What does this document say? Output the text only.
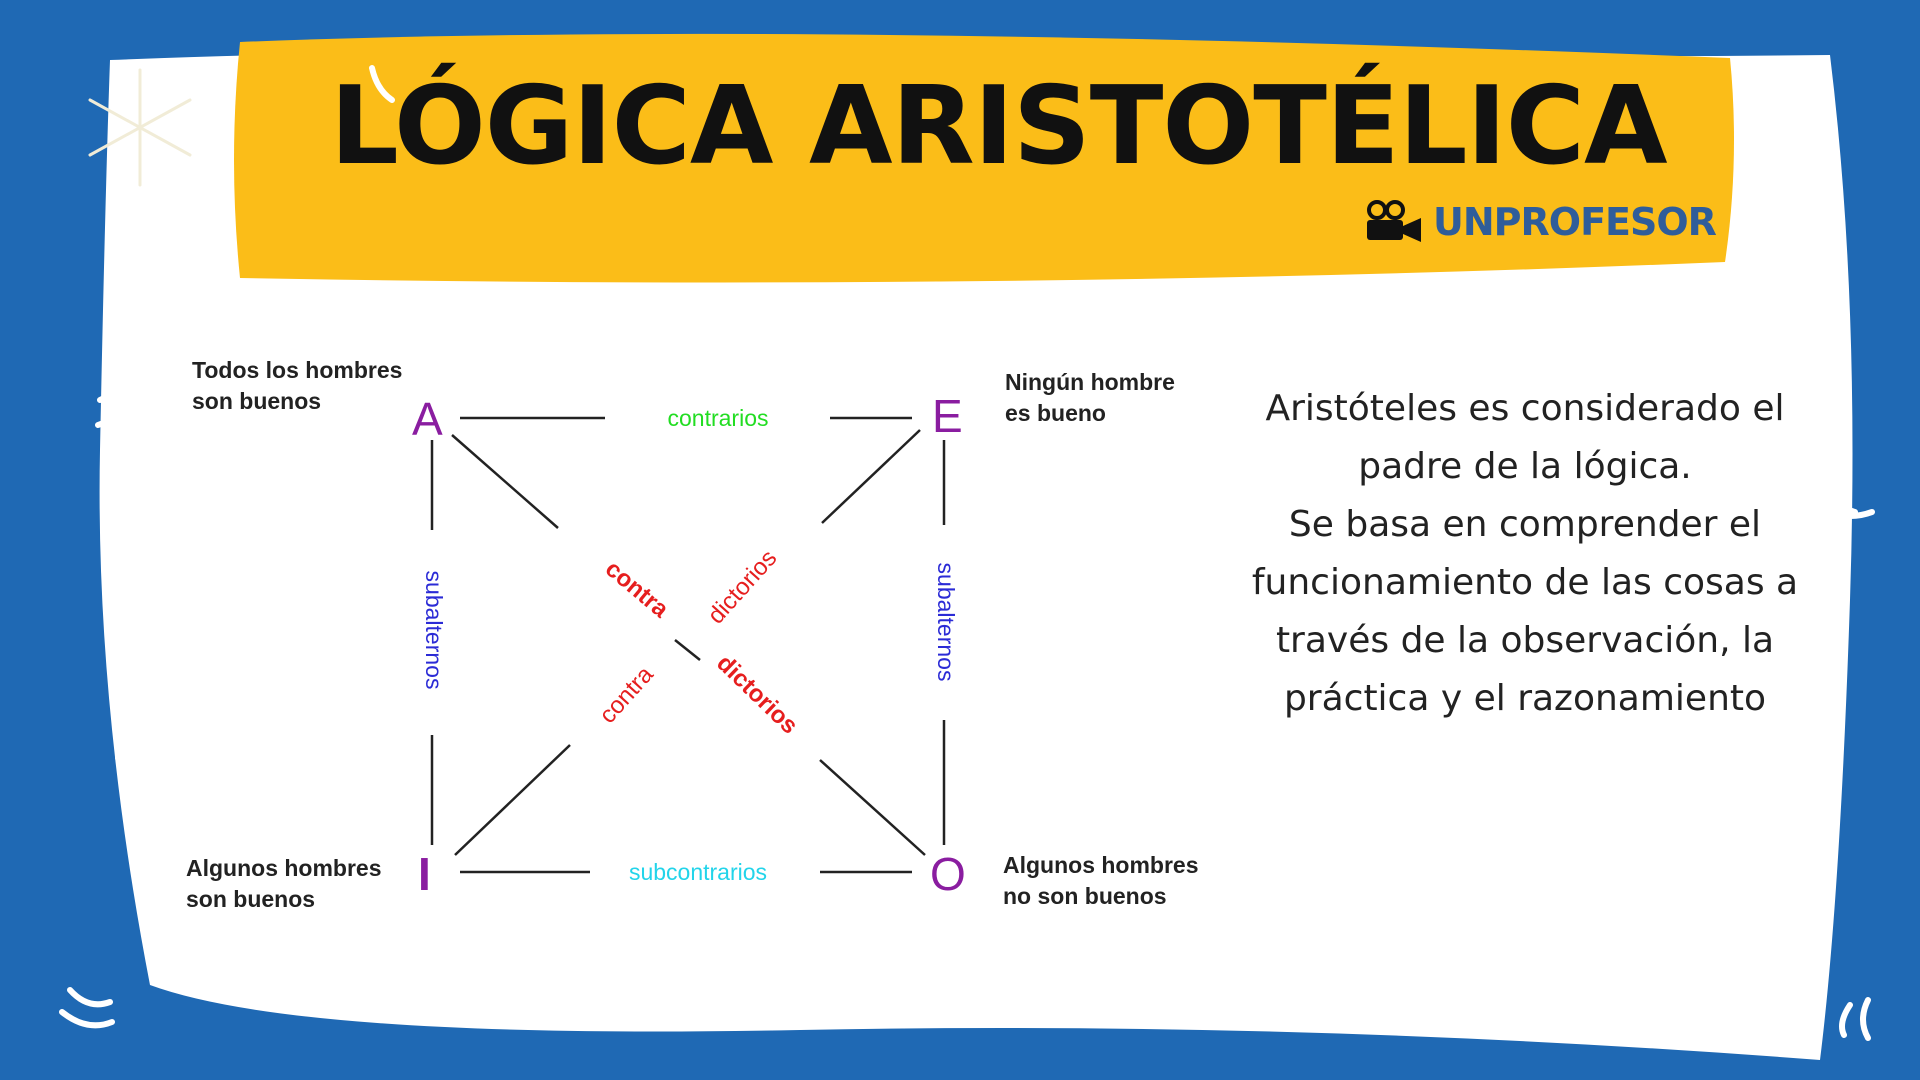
LÓGICA ARISTOTÉLICA
UNPROFESOR
A	E
I	O
Todos los hombres
son buenos
Ningún hombre
es bueno
Algunos hombres
son buenos
Algunos hombres
no son buenos
contrarios
subcontrarios
subalternos	subalternos
contra dictorios
contra dictorios

Aristóteles es considerado el padre de la lógica.

Se basa en comprender el funcionamiento de las cosas a través de la observación, la práctica y el razonamiento
